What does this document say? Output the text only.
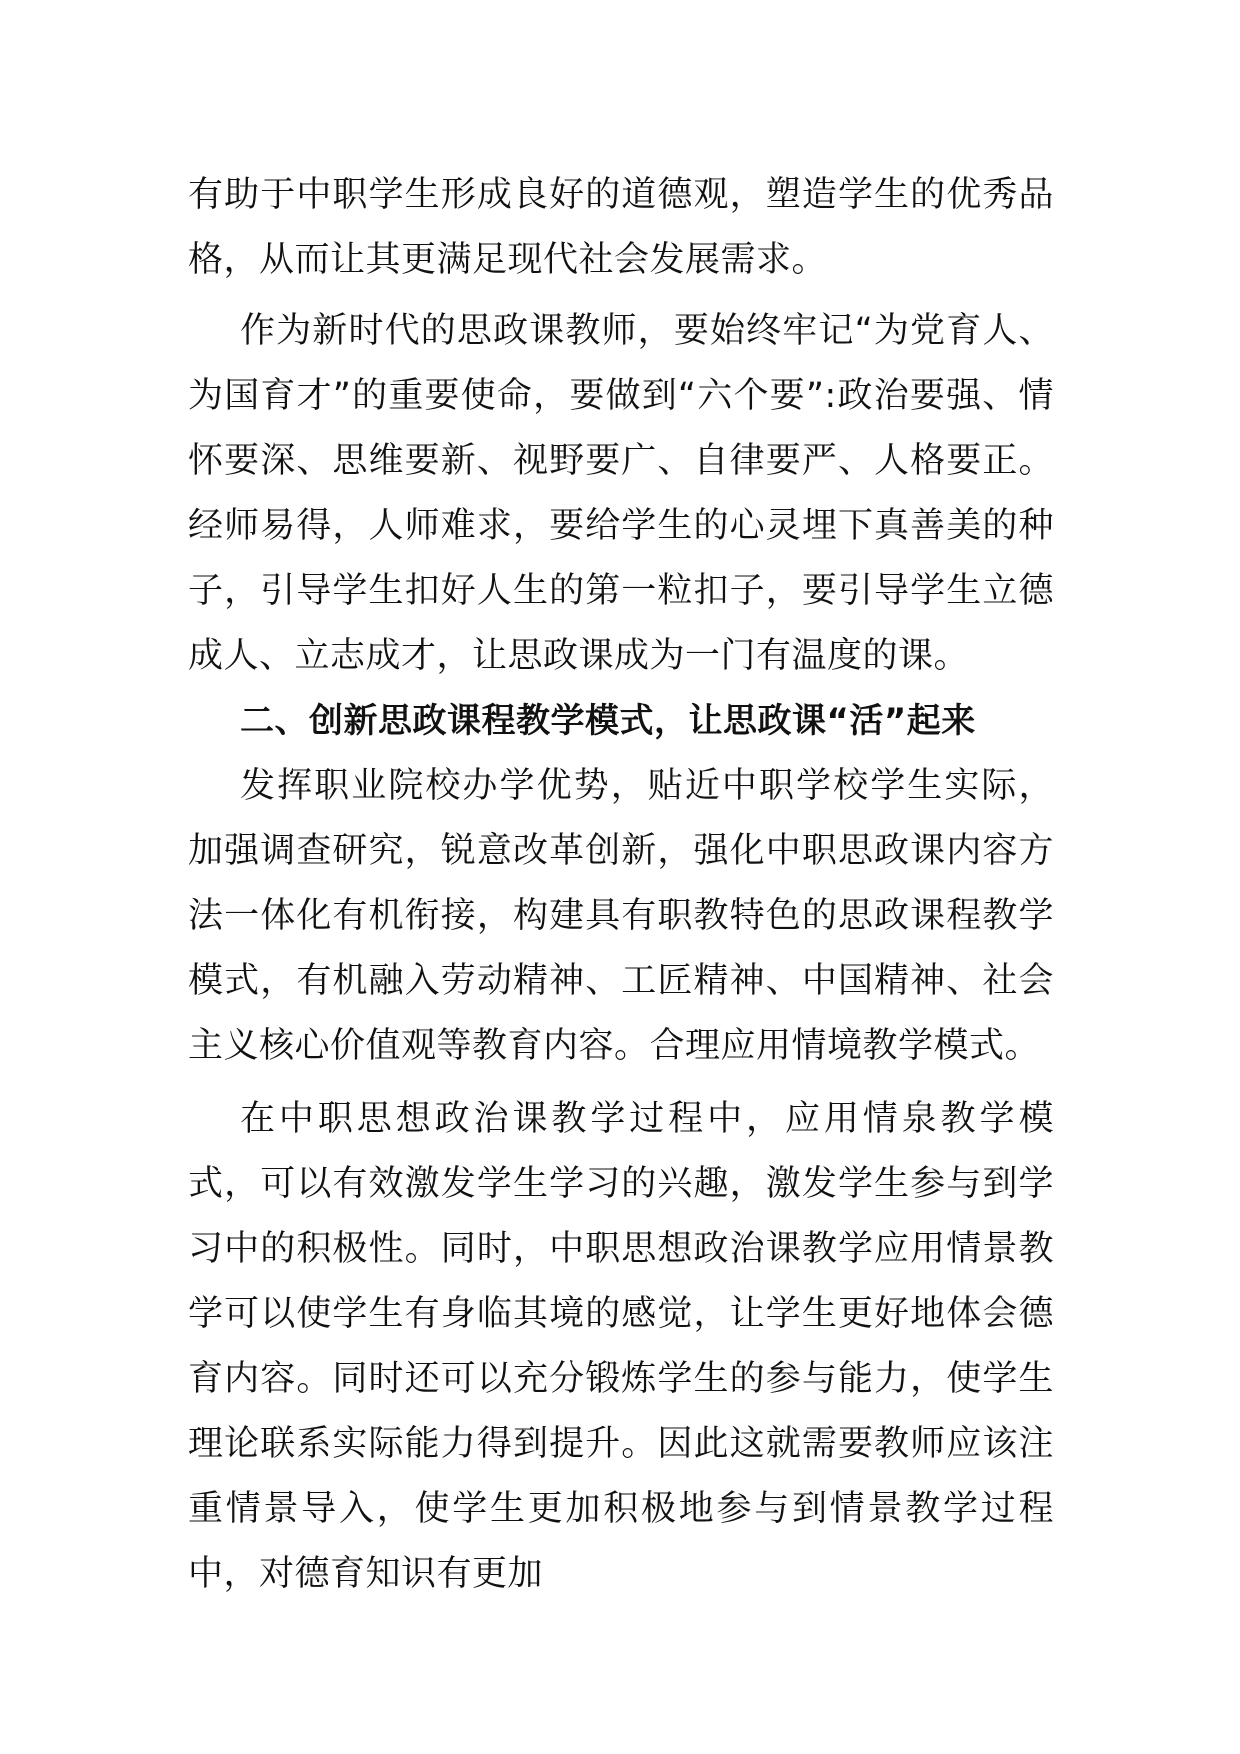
有助于中职学生形成良好的道德观，塑造学生的优秀品格，从而让其更满足现代社会发展需求。

作为新时代的思政课教师，要始终牢记“为党育人、为国育才”的重要使命，要做到“六个要”:政治要强、情怀要深、思维要新、视野要广、自律要严、人格要正。经师易得，人师难求，要给学生的心灵埋下真善美的种子，引导学生扣好人生的第一粒扣子，要引导学生立德成人、立志成才，让思政课成为一门有温度的课。

二、创新思政课程教学模式，让思政课“活”起来

发挥职业院校办学优势，贴近中职学校学生实际，加强调查研究，锐意改革创新，强化中职思政课内容方法一体化有机衔接，构建具有职教特色的思政课程教学模式，有机融入劳动精神、工匠精神、中国精神、社会主义核心价值观等教育内容。合理应用情境教学模式。

在中职思想政治课教学过程中，应用情泉教学模式，可以有效激发学生学习的兴趣，激发学生参与到学习中的积极性。同时，中职思想政治课教学应用情景教学可以使学生有身临其境的感觉，让学生更好地体会德育内容。同时还可以充分锻炼学生的参与能力，使学生理论联系实际能力得到提升。因此这就需要教师应该注重情景导入，使学生更加积极地参与到情景教学过程中，对德育知识有更加
